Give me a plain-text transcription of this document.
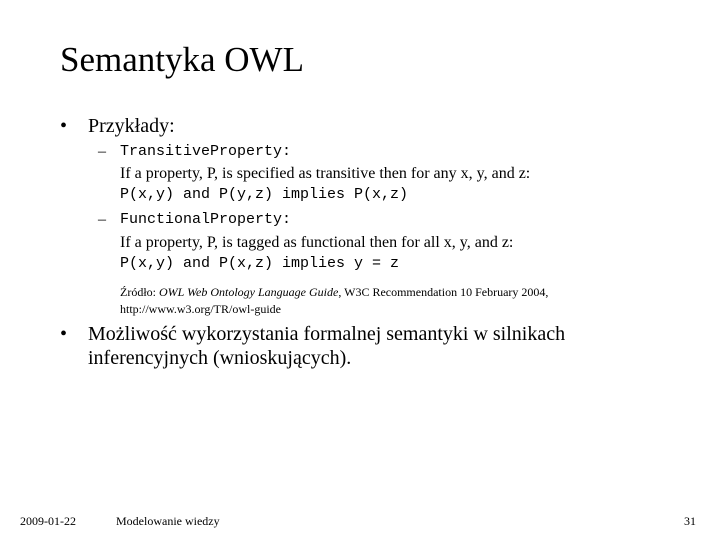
Semantyka OWL
• Przykłady:
– TransitiveProperty:
If a property, P, is specified as transitive then for any x, y, and z:
P(x,y) and P(y,z) implies P(x,z)
– FunctionalProperty:
If a property, P, is tagged as functional then for all x, y, and z:
P(x,y) and P(x,z) implies y = z
Źródło: OWL Web Ontology Language Guide, W3C Recommendation 10 February 2004,
http://www.w3.org/TR/owl-guide
• Możliwość wykorzystania formalnej semantyki w silnikach
inferencyjnych (wnioskujących).
2009-01-22	Modelowanie wiedzy	31
